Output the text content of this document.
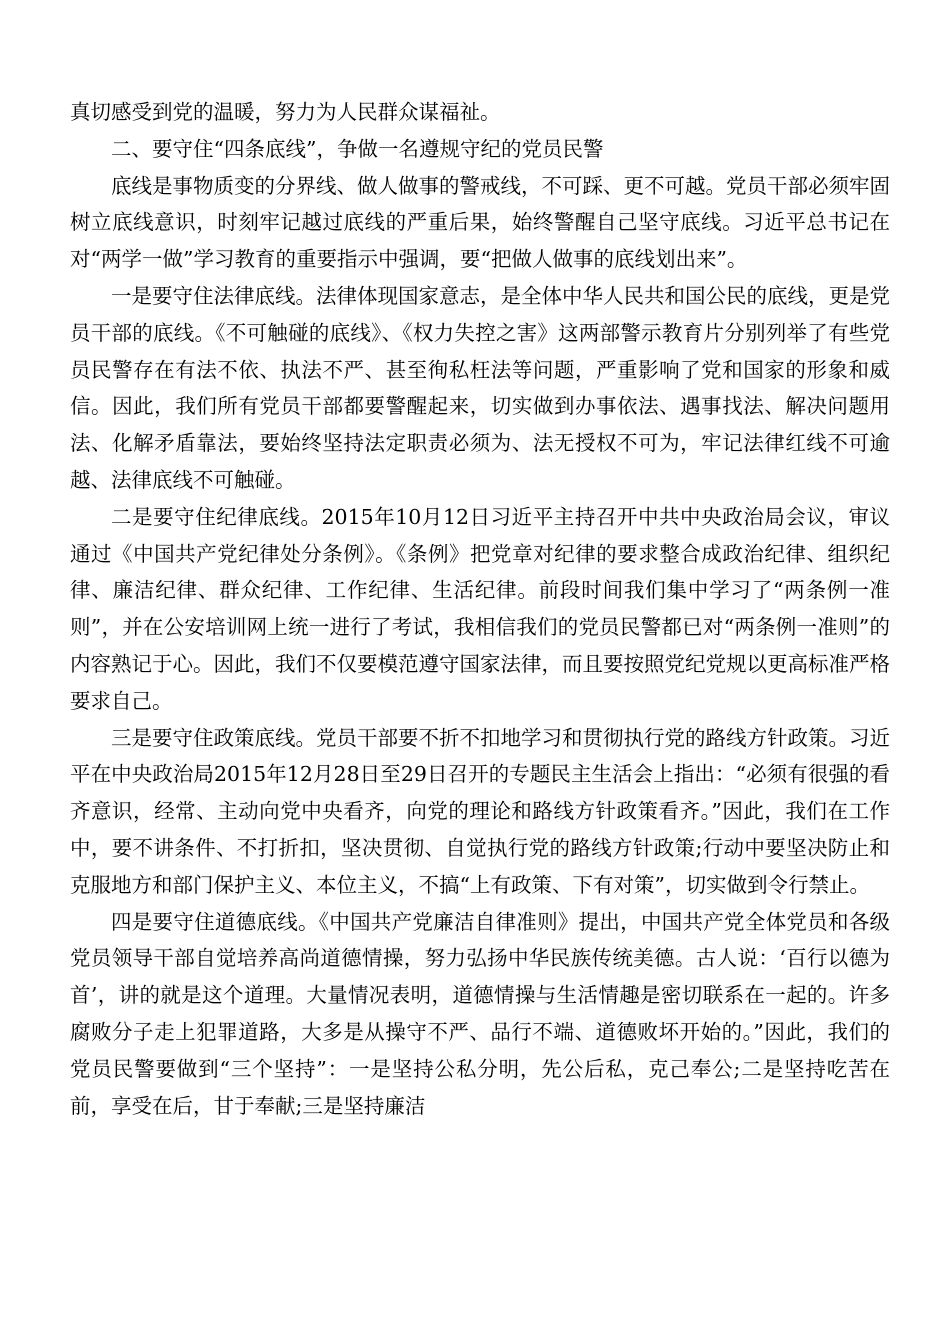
真切感受到党的温暖，努力为人民群众谋福祉。

二、要守住“四条底线”，争做一名遵规守纪的党员民警

底线是事物质变的分界线、做人做事的警戒线，不可踩、更不可越。党员干部必须牢固树立底线意识，时刻牢记越过底线的严重后果，始终警醒自己坚守底线。习近平总书记在对“两学一做”学习教育的重要指示中强调，要“把做人做事的底线划出来”。

一是要守住法律底线。法律体现国家意志，是全体中华人民共和国公民的底线，更是党员干部的底线。《不可触碰的底线》、《权力失控之害》这两部警示教育片分别列举了有些党员民警存在有法不依、执法不严、甚至徇私枉法等问题，严重影响了党和国家的形象和威信。因此，我们所有党员干部都要警醒起来，切实做到办事依法、遇事找法、解决问题用法、化解矛盾靠法，要始终坚持法定职责必须为、法无授权不可为，牢记法律红线不可逾越、法律底线不可触碰。

二是要守住纪律底线。2015年10月12日习近平主持召开中共中央政治局会议，审议通过《中国共产党纪律处分条例》。《条例》把党章对纪律的要求整合成政治纪律、组织纪律、廉洁纪律、群众纪律、工作纪律、生活纪律。前段时间我们集中学习了“两条例一准则”，并在公安培训网上统一进行了考试，我相信我们的党员民警都已对“两条例一准则”的内容熟记于心。因此，我们不仅要模范遵守国家法律，而且要按照党纪党规以更高标准严格要求自己。

三是要守住政策底线。党员干部要不折不扣地学习和贯彻执行党的路线方针政策。习近平在中央政治局2015年12月28日至29日召开的专题民主生活会上指出：“必须有很强的看齐意识，经常、主动向党中央看齐，向党的理论和路线方针政策看齐。”因此，我们在工作中，要不讲条件、不打折扣，坚决贯彻、自觉执行党的路线方针政策;行动中要坚决防止和克服地方和部门保护主义、本位主义，不搞“上有政策、下有对策”，切实做到令行禁止。

四是要守住道德底线。《中国共产党廉洁自律准则》提出，中国共产党全体党员和各级党员领导干部自觉培养高尚道德情操，努力弘扬中华民族传统美德。古人说：‘百行以德为首’，讲的就是这个道理。大量情况表明，道德情操与生活情趣是密切联系在一起的。许多腐败分子走上犯罪道路，大多是从操守不严、品行不端、道德败坏开始的。”因此，我们的党员民警要做到“三个坚持”：一是坚持公私分明，先公后私，克己奉公;二是坚持吃苦在前，享受在后，甘于奉献;三是坚持廉洁
